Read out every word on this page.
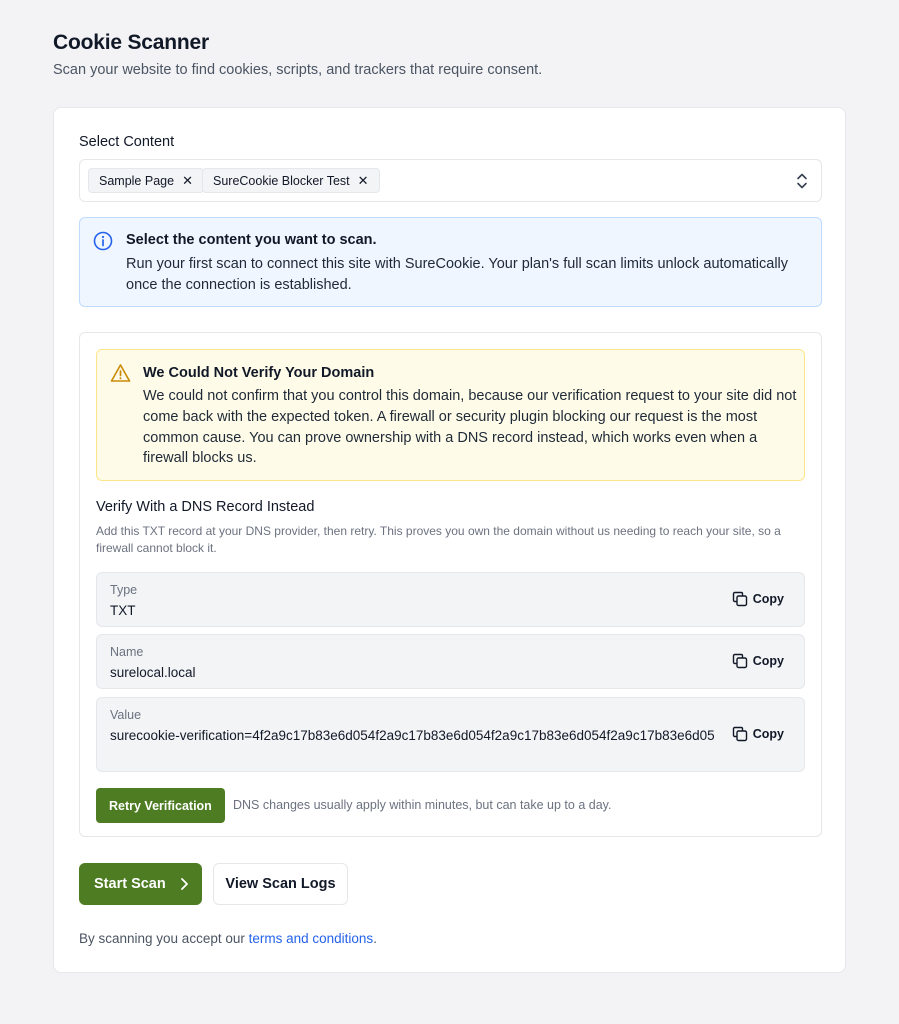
Cookie Scanner

Scan your website to find cookies, scripts, and trackers that require consent.

Select Content
Sample Page ✕ SureCookie Blocker Test ✕
Select the content you want to scan.
Run your first scan to connect this site with SureCookie. Your plan's full scan limits unlock automatically once the connection is established.
We Could Not Verify Your Domain
We could not confirm that you control this domain, because our verification request to your site did not come back with the expected token. A firewall or security plugin blocking our request is the most common cause. You can prove ownership with a DNS record instead, which works even when a firewall blocks us.
Verify With a DNS Record Instead
Add this TXT record at your DNS provider, then retry. This proves you own the domain without us needing to reach your site, so a firewall cannot block it.
Type
TXT
Copy
Name
surelocal.local
Copy
Value
surecookie-verification=4f2a9c17b83e6d054f2a9c17b83e6d054f2a9c17b83e6d054f2a9c17b83e6d05	Copy
Retry Verification	DNS changes usually apply within minutes, but can take up to a day.
Start Scan	View Scan Logs
By scanning you accept our terms and conditions.
